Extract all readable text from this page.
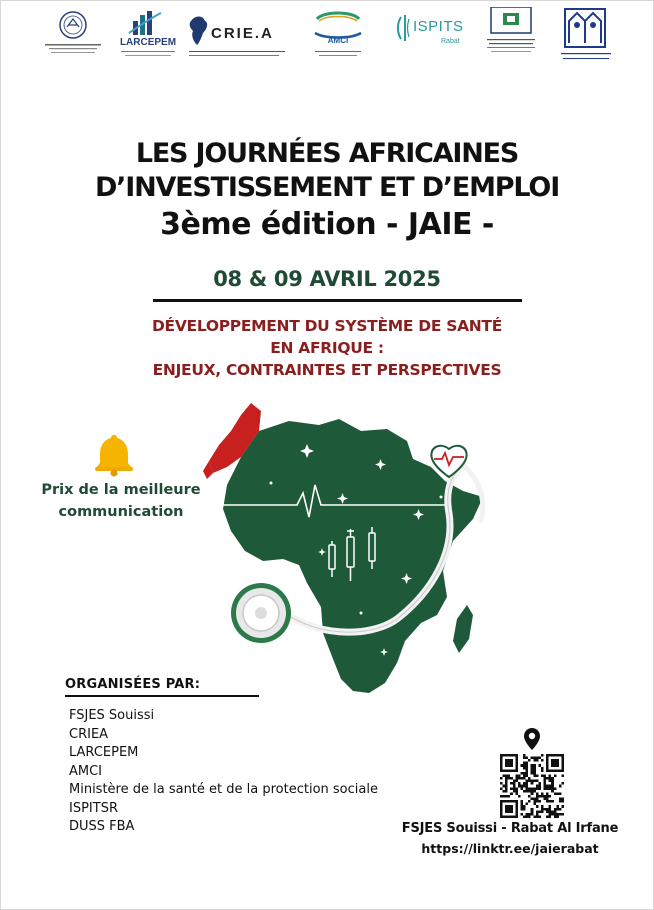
LARCEPEM
CRIE.A	AMCI
ISPITS
Rabat
LES JOURNÉES AFRICAINES
D’INVESTISSEMENT ET D’EMPLOI
3ème édition - JAIE -
08 & 09 AVRIL 2025
DÉVELOPPEMENT DU SYSTÈME DE SANTÉ
EN AFRIQUE :
ENJEUX, CONTRAINTES ET PERSPECTIVES
Prix de la meilleure
communication
ORGANISÉES PAR:
FSJES Souissi
CRIEA
LARCEPEM
AMCI
Ministère de la santé et de la protection sociale
ISPITSR
DUSS FBA	FSJES Souissi - Rabat Al Irfane
https://linktr.ee/jaierabat
